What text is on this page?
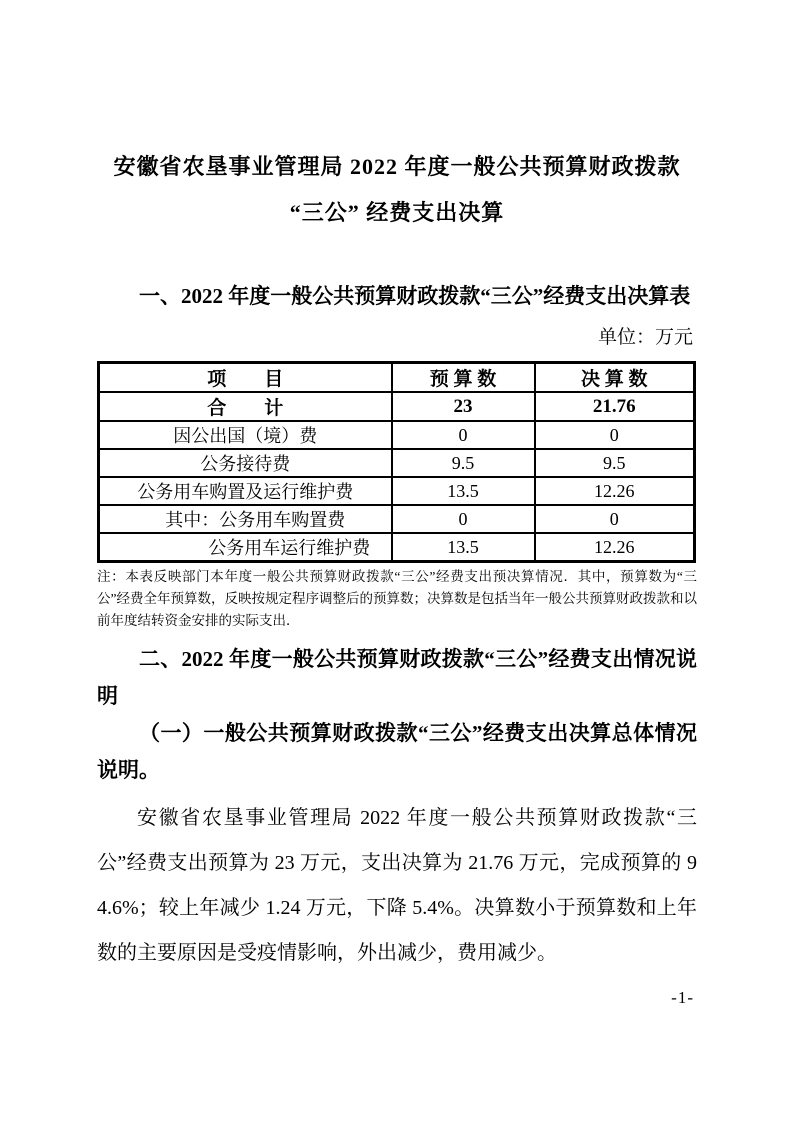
安徽省农垦事业管理局 2022 年度一般公共预算财政拨款
“三公” 经费支出决算

一、2022 年度一般公共预算财政拨款“三公”经费支出决算表

单位：万元
项　　目	预 算 数	决 算 数
合　　计	23	21.76
因公出国（境）费	0	0
公务接待费	9.5	9.5
公务用车购置及运行维护费	13.5	12.26
其中：公务用车购置费	0	0
公务用车运行维护费	13.5	12.26

注：本表反映部门本年度一般公共预算财政拨款“三公”经费支出预决算情况．其中，预算数为“三公”经费全年预算数，反映按规定程序调整后的预算数；决算数是包括当年一般公共预算财政拨款和以前年度结转资金安排的实际支出．

二、2022 年度一般公共预算财政拨款“三公”经费支出情况说明

（一）一般公共预算财政拨款“三公”经费支出决算总体情况说明。

安徽省农垦事业管理局 2022 年度一般公共预算财政拨款“三公”经费支出预算为 23 万元，支出决算为 21.76 万元，完成预算的 94.6%；较上年减少 1.24 万元，下降 5.4%。决算数小于预算数和上年数的主要原因是受疫情影响，外出减少，费用减少。

-1-
